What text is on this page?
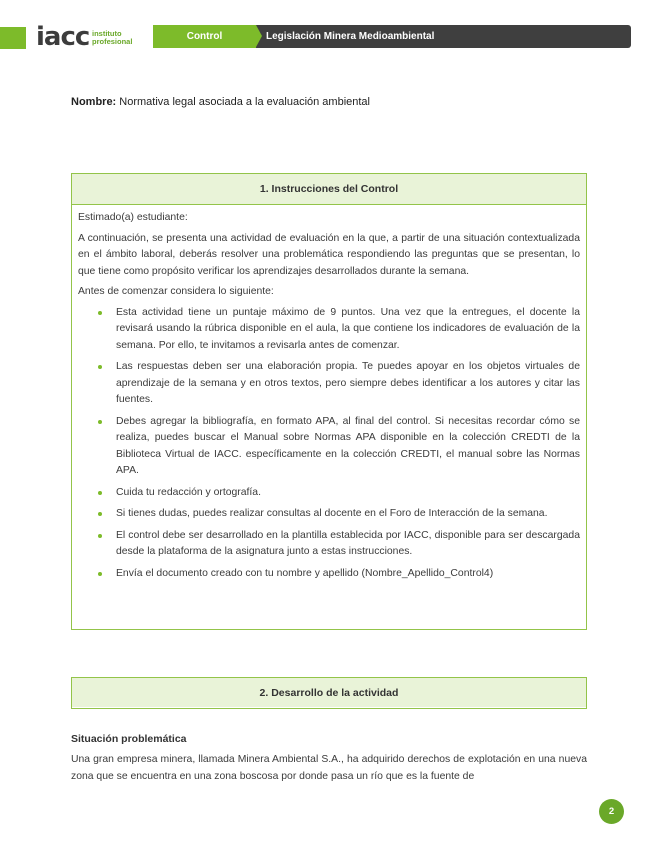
iacc instituto
profesional	Control	Legislación Minera Medioambiental
Nombre: Normativa legal asociada a la evaluación ambiental
1. Instrucciones del Control

Estimado(a) estudiante:

A continuación, se presenta una actividad de evaluación en la que, a partir de una situación contextualizada en el ámbito laboral, deberás resolver una problemática respondiendo las preguntas que se presentan, lo que tiene como propósito verificar los aprendizajes desarrollados durante la semana.

Antes de comenzar considera lo siguiente:

Esta actividad tiene un puntaje máximo de 9 puntos. Una vez que la entregues, el docente la revisará usando la rúbrica disponible en el aula, la que contiene los indicadores de evaluación de la semana. Por ello, te invitamos a revisarla antes de comenzar.
Las respuestas deben ser una elaboración propia. Te puedes apoyar en los objetos virtuales de aprendizaje de la semana y en otros textos, pero siempre debes identificar a los autores y citar las fuentes.
Debes agregar la bibliografía, en formato APA, al final del control. Si necesitas recordar cómo se realiza, puedes buscar el Manual sobre Normas APA disponible en la colección CREDTI de la Biblioteca Virtual de IACC. específicamente en la colección CREDTI, el manual sobre las Normas APA.
Cuida tu redacción y ortografía.
Si tienes dudas, puedes realizar consultas al docente en el Foro de Interacción de la semana.
El control debe ser desarrollado en la plantilla establecida por IACC, disponible para ser descargada desde la plataforma de la asignatura junto a estas instrucciones.
Envía el documento creado con tu nombre y apellido (Nombre_Apellido_Control4)
2. Desarrollo de la actividad
Situación problemática
Una gran empresa minera, llamada Minera Ambiental S.A., ha adquirido derechos de explotación en una nueva zona que se encuentra en una zona boscosa por donde pasa un río que es la fuente de
2
